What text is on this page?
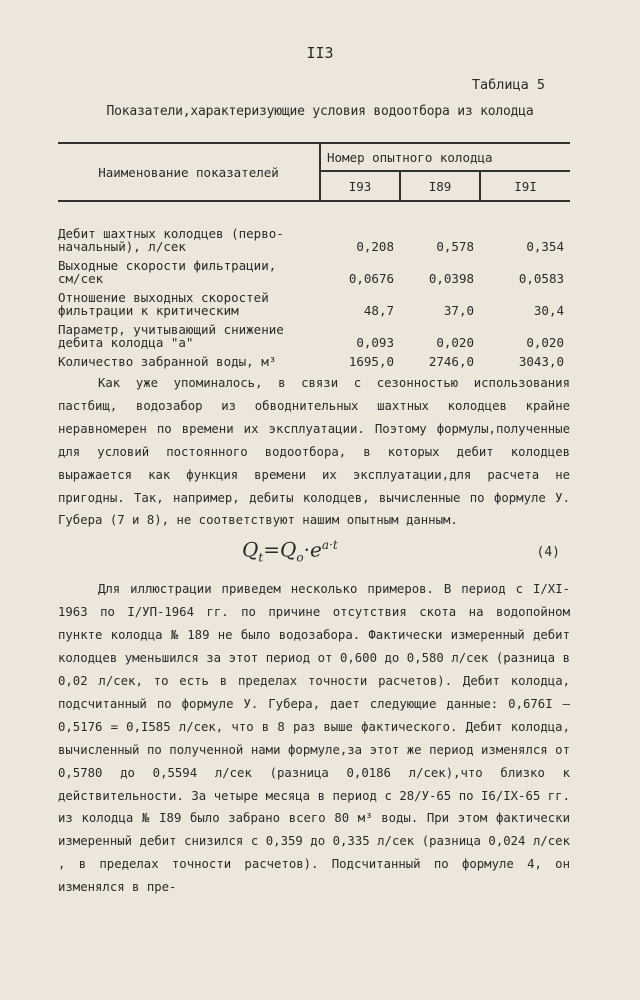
II3
Таблица 5
Показатели,характеризующие условия водоотбора из колодца
Наименование показателей	Номер опытного колодца		
	I93	I89	I9I

Дебит шахтных колодцев (перво-
начальный), л/сек	0,208	0,578	0,354
Выходные скорости фильтрации,
см/сек	0,0676	0,0398	0,0583
Отношение выходных скоростей
фильтрации к критическим	48,7	37,0	30,4
Параметр, учитывающий снижение
дебита колодца "a"	0,093	0,020	0,020
Количество забранной воды, м³	1695,0	2746,0	3043,0

Как уже упоминалось, в связи с сезонностью использования пастбищ, водозабор из обводнительных шахтных колодцев крайне неравномерен по времени их эксплуатации. Поэтому формулы,полученные для условий постоянного водоотбора, в которых дебит колодцев выражается как функция времени их эксплуатации,для расчета не пригодны. Так, например, дебиты колодцев, вычисленные по формуле У. Губера (7 и 8), не соответствуют нашим опытным данным.

$Q_t=Q_o\cdot e^{a\cdot t}$	(4)

Для иллюстрации приведем несколько примеров. В период с I/XI-1963 по I/УП-1964 гг. по причине отсутствия скота на водопойном пункте колодца № 189 не было водозабора. Фактически измеренный дебит колодцев уменьшился за этот период от 0,600 до 0,580 л/сек (разница в 0,02 л/сек, то есть в пределах точности расчетов). Дебит колодца, подсчитанный по формуле У. Губера, дает следующие данные: 0,676I – 0,5176 = 0,I585 л/сек, что в 8 раз выше фактического. Дебит колодца, вычисленный по полученной нами формуле,за этот же период изменялся от 0,5780 до 0,5594 л/сек (разница 0,0186 л/сек),что близко к действительности. За четыре месяца в период с 28/У-65 по I6/IX-65 гг. из колодца № I89 было забрано всего 80 м³ воды. При этом фактически измеренный дебит снизился с 0,359 до 0,335 л/сек (разница 0,024 л/сек , в пределах точности расчетов). Подсчитанный по формуле 4, он изменялся в пре-
